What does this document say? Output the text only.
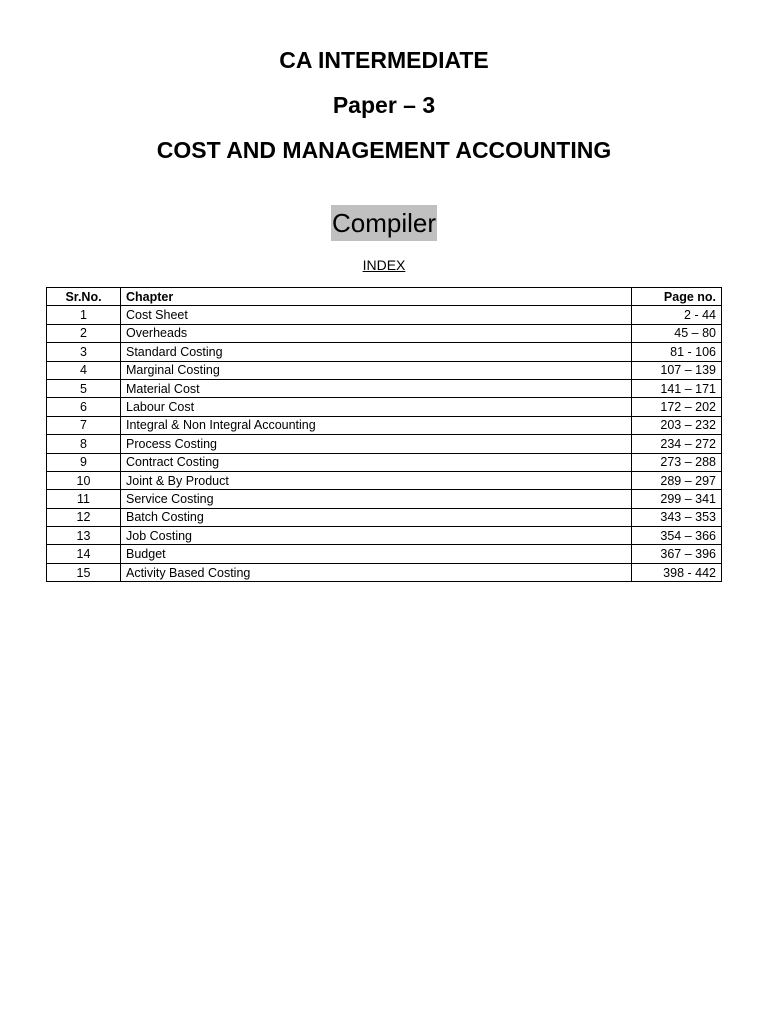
CA INTERMEDIATE
Paper – 3
COST AND MANAGEMENT ACCOUNTING
Compiler
INDEX
Sr.No.	Chapter	Page no.
1	Cost Sheet	2 - 44
2	Overheads	45 – 80
3	Standard Costing	81 - 106
4	Marginal Costing	107 – 139
5	Material Cost	141 – 171
6	Labour Cost	172 – 202
7	Integral & Non Integral Accounting	203 – 232
8	Process Costing	234 – 272
9	Contract Costing	273 – 288
10	Joint & By Product	289 – 297
11	Service Costing	299 – 341
12	Batch Costing	343 – 353
13	Job Costing	354 – 366
14	Budget	367 – 396
15	Activity Based Costing	398 - 442
